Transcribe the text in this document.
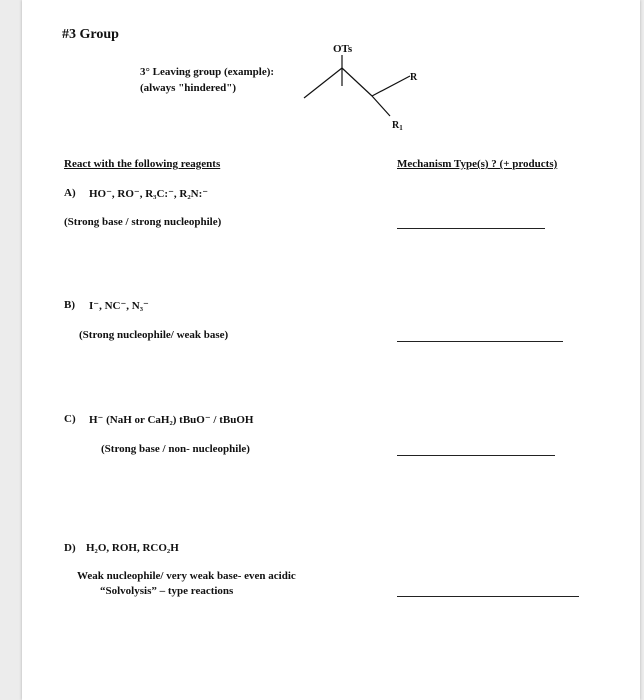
#3 Group
3° Leaving group (example):
(always "hindered")
OTs
R
$R_1$
React with the following reagents	Mechanism Type(s) ? (+ products)
A) HO⁻, RO⁻, R₃C:⁻, R₂N:⁻
(Strong base / strong nucleophile)
B) I⁻, NC⁻, N₃⁻
(Strong nucleophile/ weak base)
C) H⁻ (NaH or CaH₂) tBuO⁻ / tBuOH
(Strong base / non- nucleophile)
D) H₂O, ROH, RCO₂H
Weak nucleophile/ very weak base- even acidic
“Solvolysis” – type reactions
